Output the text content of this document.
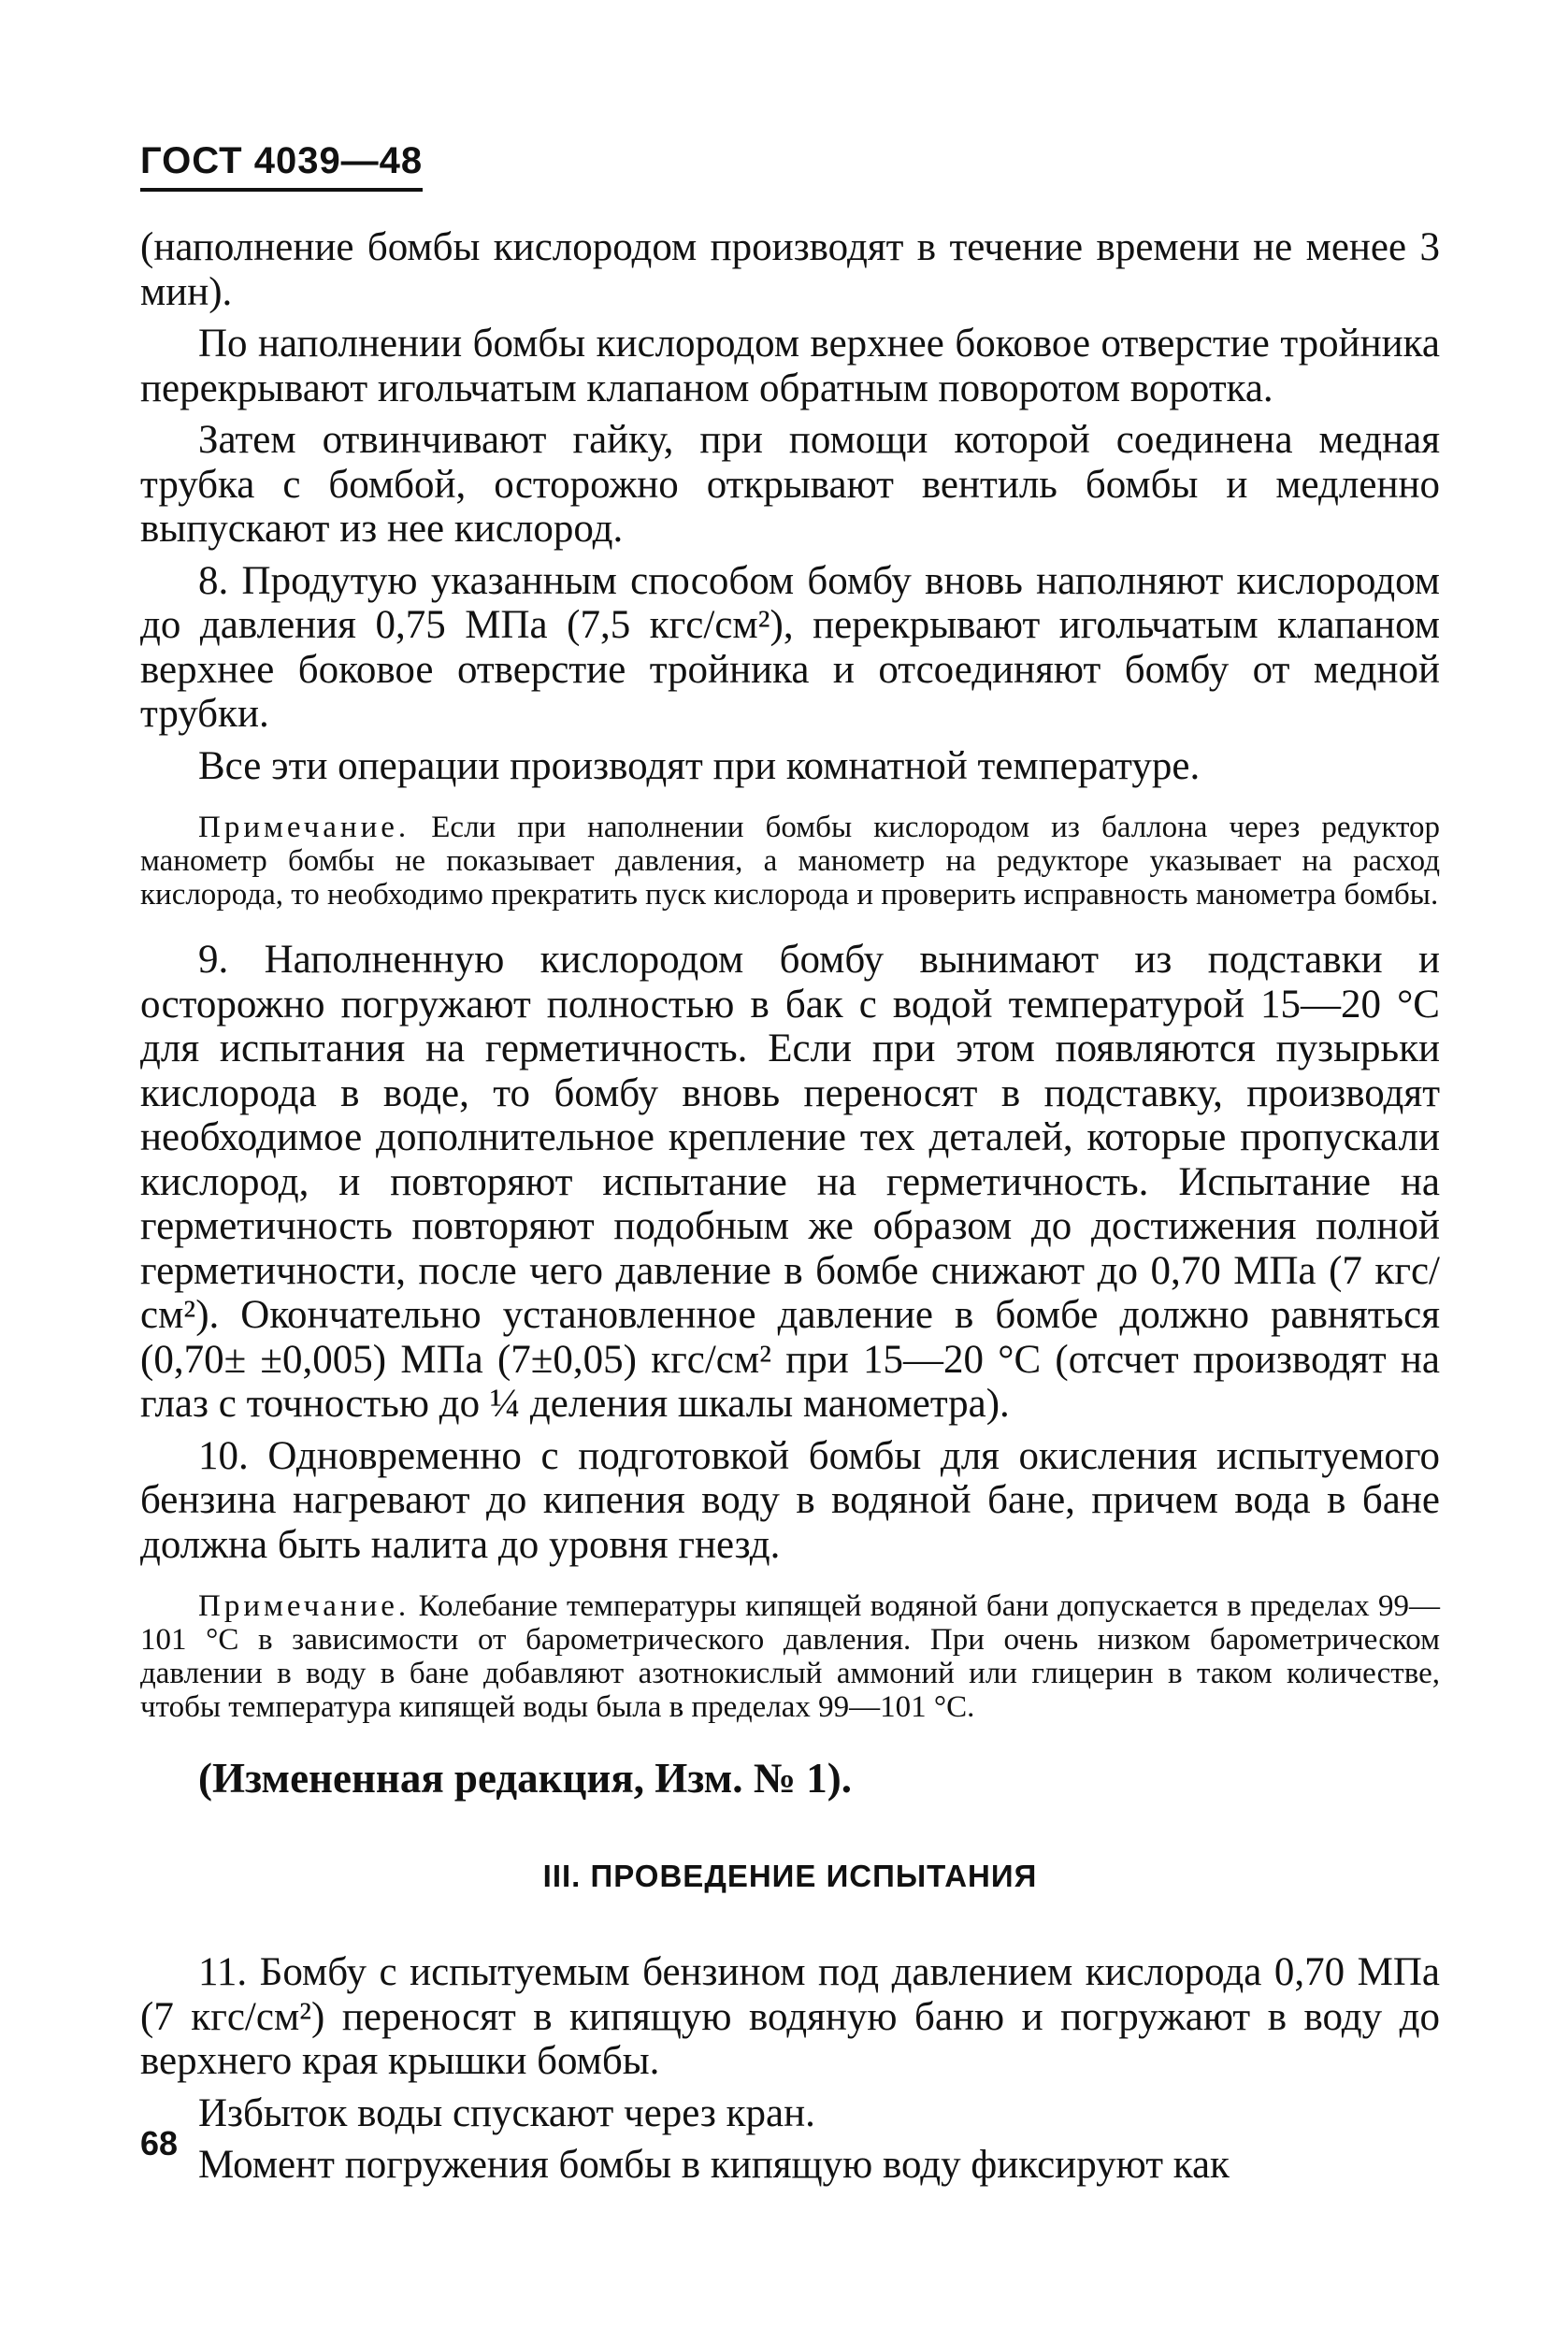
ГОСТ 4039—48

(наполнение бомбы кислородом производят в течение времени не менее 3 мин).

По наполнении бомбы кислородом верхнее боковое отверстие тройника перекрывают игольчатым клапаном обратным поворотом воротка.

Затем отвинчивают гайку, при помощи которой соединена медная трубка с бомбой, осторожно открывают вентиль бомбы и медленно выпускают из нее кислород.

8. Продутую указанным способом бомбу вновь наполняют кислородом до давления 0,75 МПа (7,5 кгс/см²), перекрывают игольчатым клапаном верхнее боковое отверстие тройника и отсоединяют бомбу от медной трубки.

Все эти операции производят при комнатной температуре.

Примечание. Если при наполнении бомбы кислородом из баллона через редуктор манометр бомбы не показывает давления, а манометр на редукторе указывает на расход кислорода, то необходимо прекратить пуск кислорода и проверить исправность манометра бомбы.

9. Наполненную кислородом бомбу вынимают из подставки и осторожно погружают полностью в бак с водой температурой 15—20 °С для испытания на герметичность. Если при этом появляются пузырьки кислорода в воде, то бомбу вновь переносят в подставку, производят необходимое дополнительное крепление тех деталей, которые пропускали кислород, и повторяют испытание на герметичность. Испытание на герметичность повторяют подобным же образом до достижения полной герметичности, после чего давление в бомбе снижают до 0,70 МПа (7 кгс/см²). Окончательно установленное давление в бомбе должно равняться (0,70± ±0,005) МПа (7±0,05) кгс/см² при 15—20 °С (отсчет производят на глаз с точностью до ¼ деления шкалы манометра).

10. Одновременно с подготовкой бомбы для окисления испытуемого бензина нагревают до кипения воду в водяной бане, причем вода в бане должна быть налита до уровня гнезд.

Примечание. Колебание температуры кипящей водяной бани допускается в пределах 99—101 °С в зависимости от барометрического давления. При очень низком барометрическом давлении в воду в бане добавляют азотнокислый аммоний или глицерин в таком количестве, чтобы температура кипящей воды была в пределах 99—101 °С.
(Измененная редакция, Изм. № 1).
III. ПРОВЕДЕНИЕ ИСПЫТАНИЯ

11. Бомбу с испытуемым бензином под давлением кислорода 0,70 МПа (7 кгс/см²) переносят в кипящую водяную баню и погружают в воду до верхнего края крышки бомбы.

Избыток воды спускают через кран.

Момент погружения бомбы в кипящую воду фиксируют как

68
